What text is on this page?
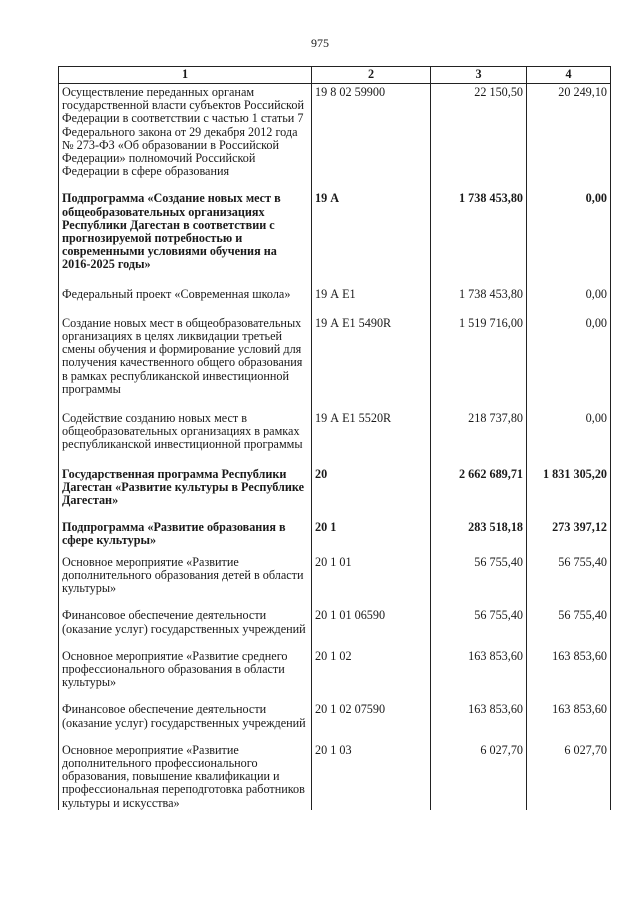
975
1	2	3	4
Осуществление переданных органам государственной власти субъектов Российской Федерации в соответствии с частью 1 статьи 7 Федерального закона от 29 декабря 2012 года № 273-ФЗ «Об образовании в Российской Федерации» полномочий Российской Федерации в сфере образования	19 8 02 59900	22 150,50	20 249,10
Подпрограмма «Создание новых мест в общеобразовательных организациях Республики Дагестан в соответствии с прогнозируемой потребностью и современными условиями обучения на 2016-2025 годы»	19 А	1 738 453,80	0,00
Федеральный проект «Современная школа»	19 А E1	1 738 453,80	0,00
Создание новых мест в общеобразовательных организациях в целях ликвидации третьей смены обучения и формирование условий для получения качественного общего образования в рамках республиканской инвестиционной программы	19 А E1 5490R	1 519 716,00	0,00
Содействие созданию новых мест в общеобразовательных организациях в рамках республиканской инвестиционной программы	19 А E1 5520R	218 737,80	0,00
Государственная программа Республики Дагестан «Развитие культуры в Республике Дагестан»	20	2 662 689,71	1 831 305,20
Подпрограмма «Развитие образования в сфере культуры»	20 1	283 518,18	273 397,12
Основное мероприятие «Развитие дополнительного образования детей в области культуры»	20 1 01	56 755,40	56 755,40
Финансовое обеспечение деятельности (оказание услуг) государственных учреждений	20 1 01 06590	56 755,40	56 755,40
Основное мероприятие «Развитие среднего профессионального образования в области культуры»	20 1 02	163 853,60	163 853,60
Финансовое обеспечение деятельности (оказание услуг) государственных учреждений	20 1 02 07590	163 853,60	163 853,60
Основное мероприятие «Развитие дополнительного профессионального образования, повышение квалификации и профессиональная переподготовка работников культуры и искусства»	20 1 03	6 027,70	6 027,70
